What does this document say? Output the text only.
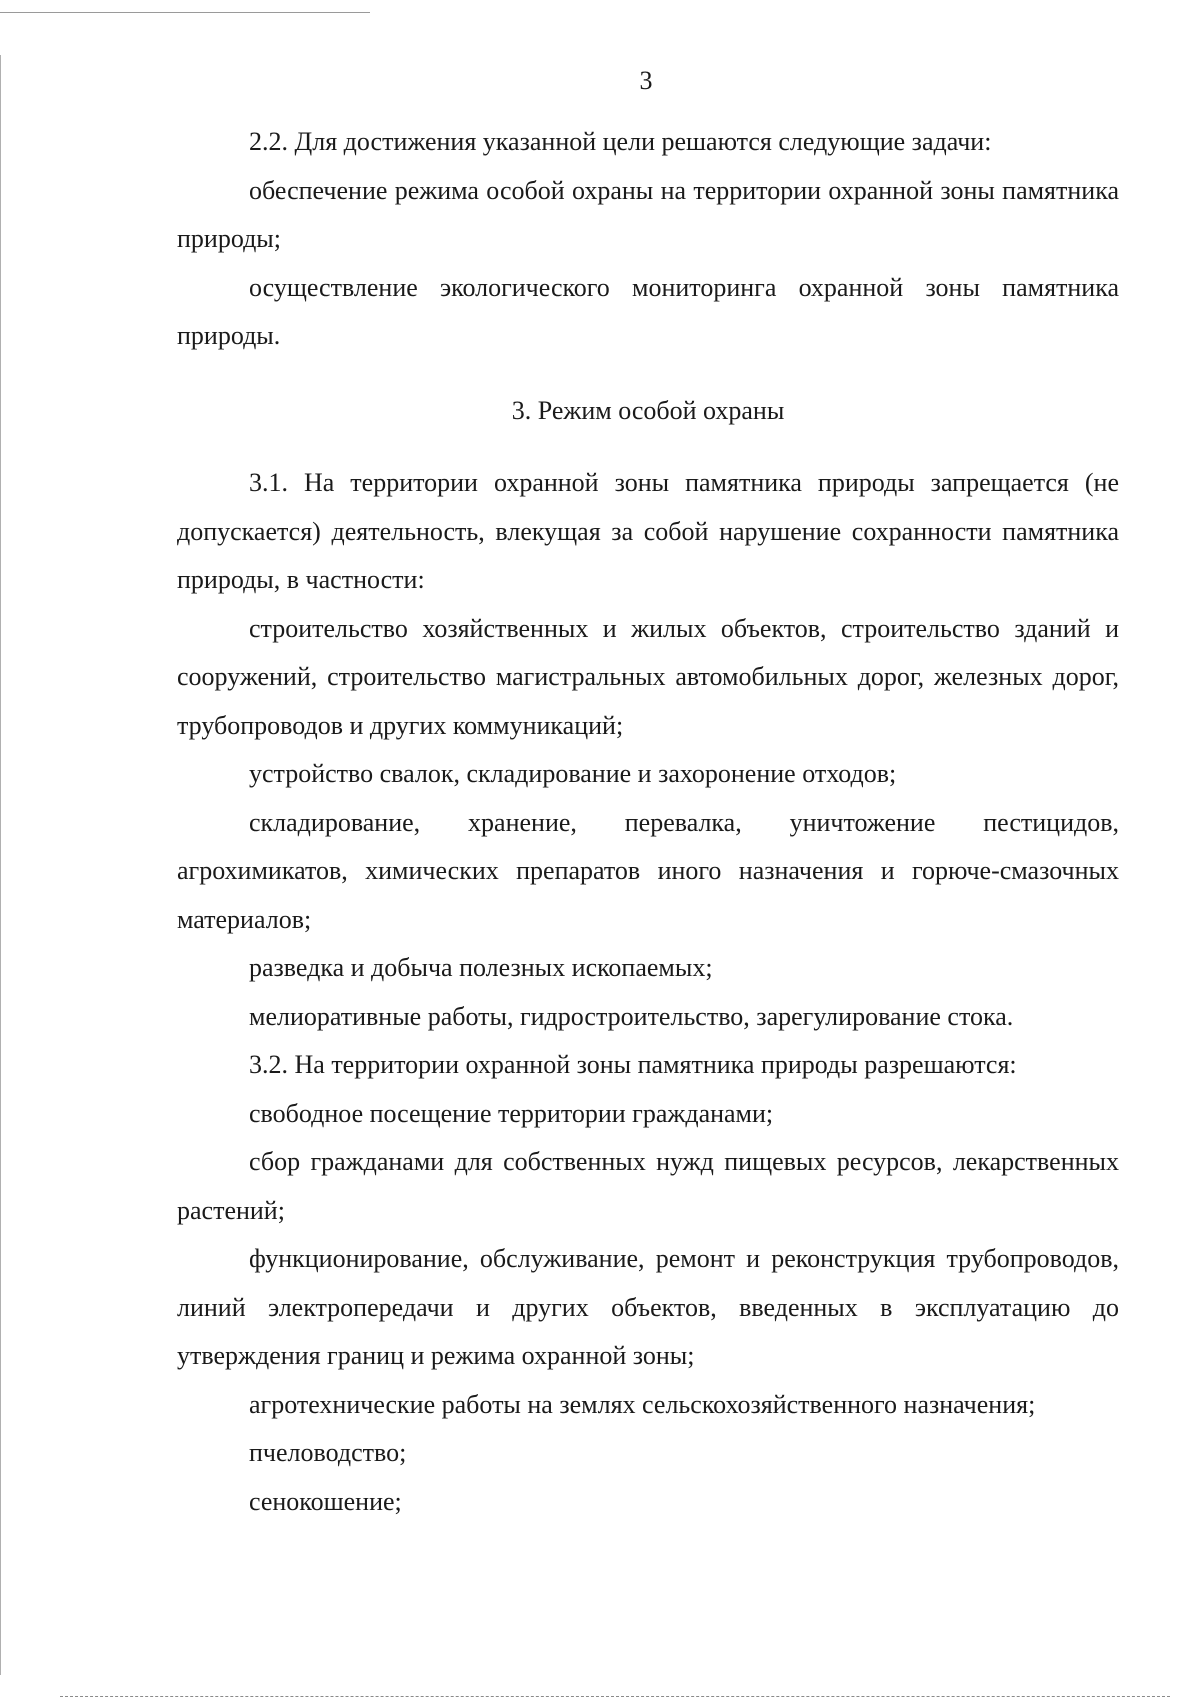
3

2.2. Для достижения указанной цели решаются следующие задачи:

обеспечение режима особой охраны на территории охранной зоны памятника природы;

осуществление экологического мониторинга охранной зоны памятника природы.

3. Режим особой охраны

3.1. На территории охранной зоны памятника природы запрещается (не допускается) деятельность, влекущая за собой нарушение сохранности памятника природы, в частности:

строительство хозяйственных и жилых объектов, строительство зданий и сооружений, строительство магистральных автомобильных дорог, железных дорог, трубопроводов и других коммуникаций;

устройство свалок, складирование и захоронение отходов;

складирование, хранение, перевалка, уничтожение пестицидов, агрохимикатов, химических препаратов иного назначения и горюче-смазочных материалов;

разведка и добыча полезных ископаемых;

мелиоративные работы, гидростроительство, зарегулирование стока.

3.2. На территории охранной зоны памятника природы разрешаются:

свободное посещение территории гражданами;

сбор гражданами для собственных нужд пищевых ресурсов, лекарственных растений;

функционирование, обслуживание, ремонт и реконструкция трубопроводов, линий электропередачи и других объектов, введенных в эксплуатацию до утверждения границ и режима охранной зоны;

агротехнические работы на землях сельскохозяйственного назначения;

пчеловодство;

сенокошение;
